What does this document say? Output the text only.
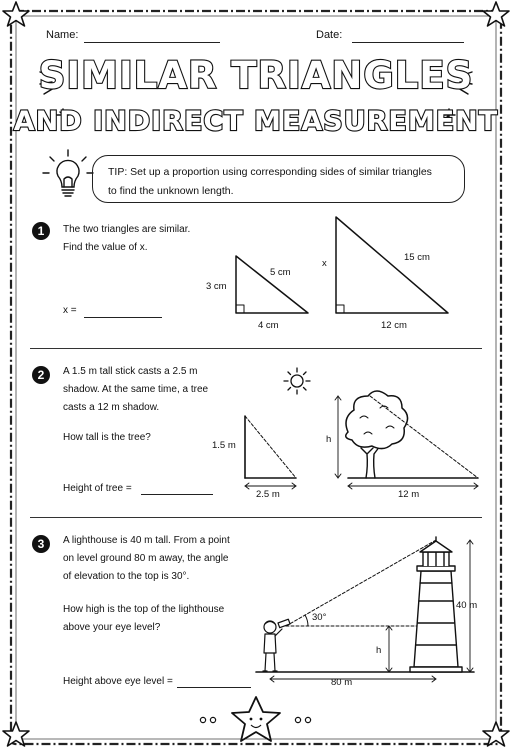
Name:	Date:
SIMILAR TRIANGLES
AND INDIRECT MEASUREMENT
TIP: Set up a proportion using corresponding sides of similar triangles
to find the unknown length.
1	The two triangles are similar.
Find the value of x.
x =
3 cm
5 cm
4 cm
x
15 cm
12 cm
2	A 1.5 m tall stick casts a 2.5 m
shadow. At the same time, a tree
casts a 12 m shadow.
How tall is the tree?
Height of tree =
1.5 m
2.5 m
h
12 m
3	A lighthouse is 40 m tall. From a point
on level ground 80 m away, the angle
of elevation to the top is 30°.
How high is the top of the lighthouse
above your eye level?
Height above eye level =
30°
h
40 m
80 m
